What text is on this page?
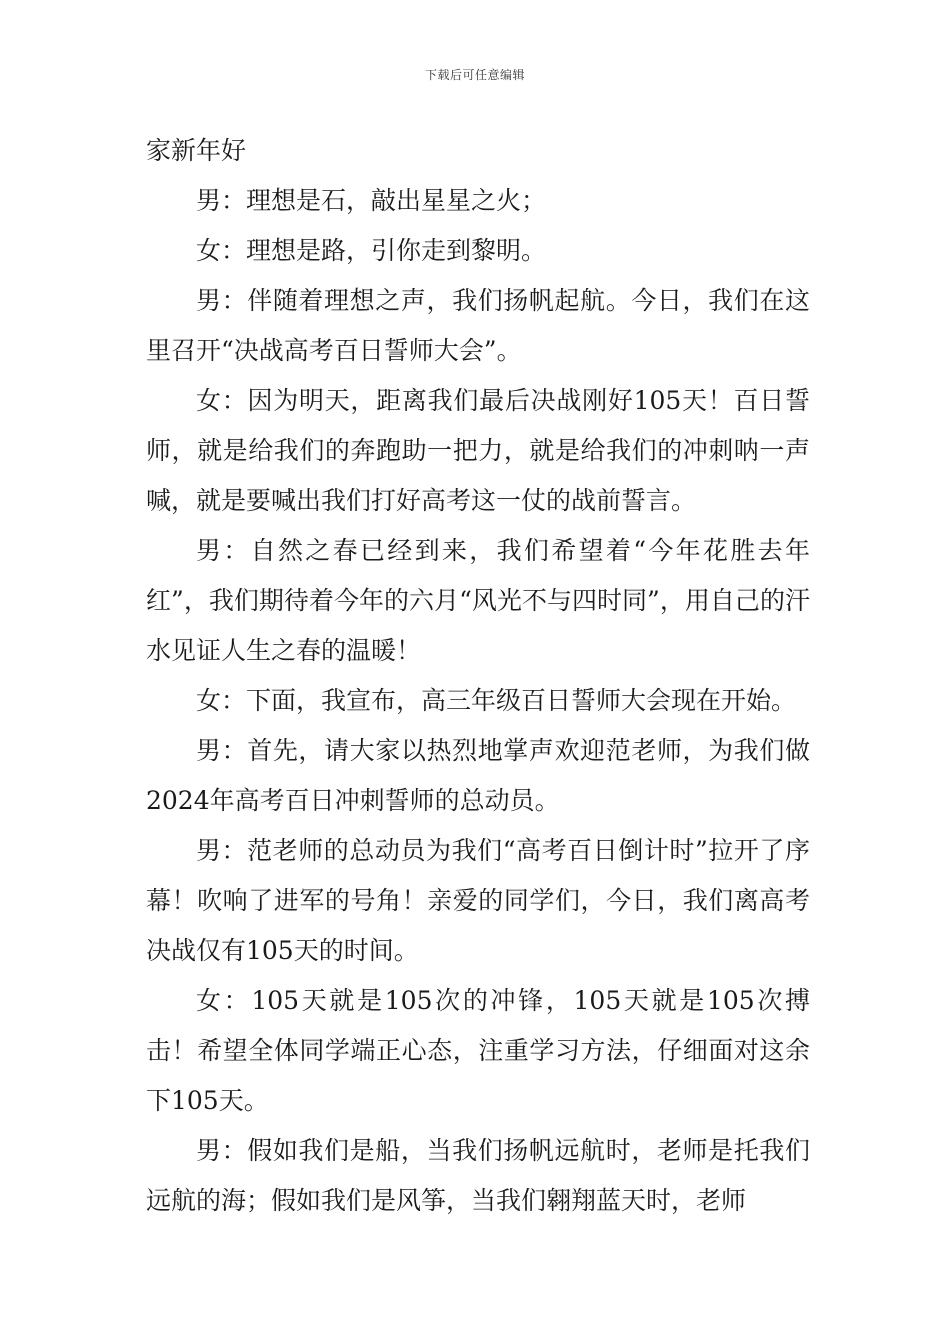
下载后可任意编辑

家新年好

男：理想是石，敲出星星之火；

女：理想是路，引你走到黎明。

男：伴随着理想之声，我们扬帆起航。今日，我们在这里召开“决战高考百日誓师大会”。

女：因为明天，距离我们最后决战刚好105天！百日誓师，就是给我们的奔跑助一把力，就是给我们的冲刺呐一声喊，就是要喊出我们打好高考这一仗的战前誓言。

男：自然之春已经到来，我们希望着“今年花胜去年红”，我们期待着今年的六月“风光不与四时同”，用自己的汗水见证人生之春的温暖！

女：下面，我宣布，高三年级百日誓师大会现在开始。

男：首先，请大家以热烈地掌声欢迎范老师，为我们做2024年高考百日冲刺誓师的总动员。

男：范老师的总动员为我们“高考百日倒计时”拉开了序幕！吹响了进军的号角！亲爱的同学们，今日，我们离高考决战仅有105天的时间。

女：105天就是105次的冲锋，105天就是105次搏击！希望全体同学端正心态，注重学习方法，仔细面对这余下105天。

男：假如我们是船，当我们扬帆远航时，老师是托我们远航的海；假如我们是风筝，当我们翱翔蓝天时，老师
